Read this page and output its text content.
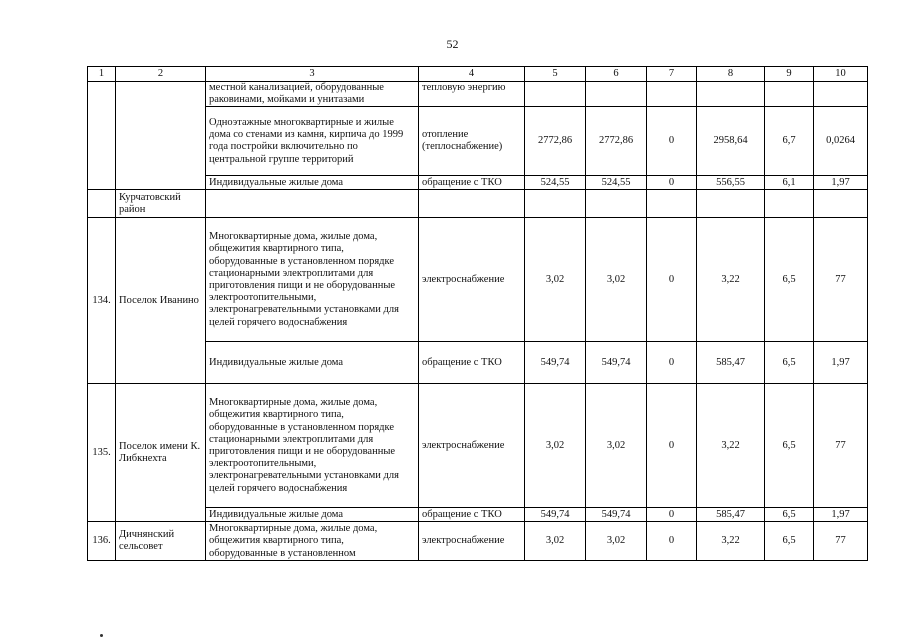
52
1	2	3	4	5	6	7	8	9	10
		местной канализацией, оборудованные раковинами, мойками и унитазами	тепловую энергию						
		Одноэтажные многоквартирные и жилые дома со стенами из камня, кирпича до 1999 года постройки включительно по центральной группе территорий	отопление (теплоснабжение)	2772,86	2772,86	0	2958,64	6,7	0,0264
		Индивидуальные жилые дома	обращение с ТКО	524,55	524,55	0	556,55	6,1	1,97
	Курчатовский район								
134.	Поселок Иванино	Многоквартирные дома, жилые дома, общежития квартирного типа, оборудованные в установленном порядке стационарными электроплитами для приготовления пищи и не оборудованные электроотопительными, электронагревательными установками для целей горячего водоснабжения	электроснабжение	3,02	3,02	0	3,22	6,5	77
		Индивидуальные жилые дома	обращение с ТКО	549,74	549,74	0	585,47	6,5	1,97
135.	Поселок имени К. Либкнехта	Многоквартирные дома, жилые дома, общежития квартирного типа, оборудованные в установленном порядке стационарными электроплитами для приготовления пищи и не оборудованные электроотопительными, электронагревательными установками для целей горячего водоснабжения	электроснабжение	3,02	3,02	0	3,22	6,5	77
		Индивидуальные жилые дома	обращение с ТКО	549,74	549,74	0	585,47	6,5	1,97
136.	Дичнянский сельсовет	Многоквартирные дома, жилые дома, общежития квартирного типа, оборудованные в установленном	электроснабжение	3,02	3,02	0	3,22	6,5	77
